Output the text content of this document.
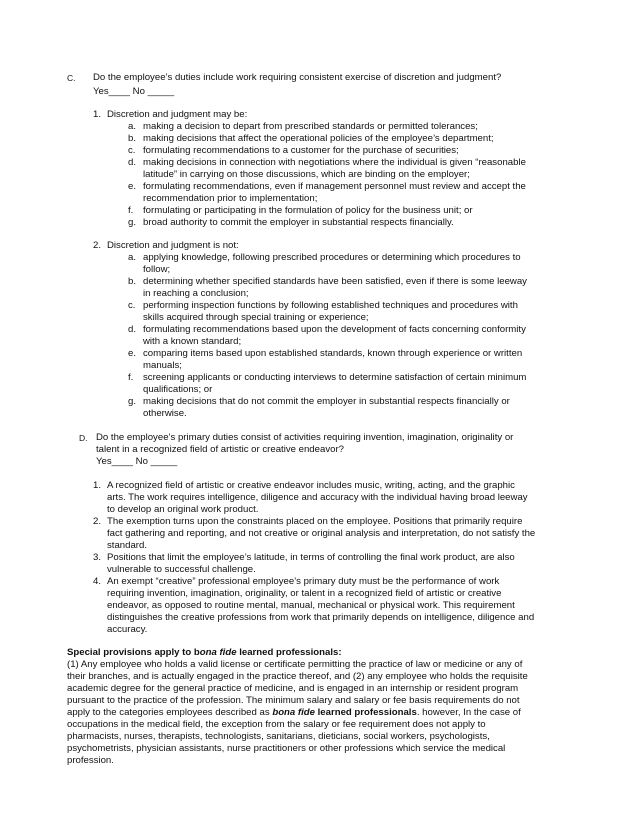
C. Do the employee’s duties include work requiring consistent exercise of discretion and judgment?
Yes____ No _____
1. Discretion and judgment may be:
a. making a decision to depart from prescribed standards or permitted tolerances;
b. making decisions that affect the operational policies of the employee’s department;
c. formulating recommendations to a customer for the purchase of securities;
d. making decisions in connection with negotiations where the individual is given “reasonable
latitude” in carrying on those discussions, which are binding on the employer;
e. formulating recommendations, even if management personnel must review and accept the
recommendation prior to implementation;
f. formulating or participating in the formulation of policy for the business unit; or
g. broad authority to commit the employer in substantial respects financially.
2. Discretion and judgment is not:
a. applying knowledge, following prescribed procedures or determining which procedures to
follow;
b. determining whether specified standards have been satisfied, even if there is some leeway
in reaching a conclusion;
c. performing inspection functions by following established techniques and procedures with
skills acquired through special training or experience;
d. formulating recommendations based upon the development of facts concerning conformity
with a known standard;
e. comparing items based upon established standards, known through experience or written
manuals;
f. screening applicants or conducting interviews to determine satisfaction of certain minimum
qualifications; or
g. making decisions that do not commit the employer in substantial respects financially or
otherwise.
D. Do the employee’s primary duties consist of activities requiring invention, imagination, originality or
talent in a recognized field of artistic or creative endeavor?
Yes____ No _____
1. A recognized field of artistic or creative endeavor includes music, writing, acting, and the graphic
arts. The work requires intelligence, diligence and accuracy with the individual having broad leeway
to develop an original work product.
2. The exemption turns upon the constraints placed on the employee. Positions that primarily require
fact gathering and reporting, and not creative or original analysis and interpretation, do not satisfy the
standard.
3. Positions that limit the employee’s latitude, in terms of controlling the final work product, are also
vulnerable to successful challenge.
4. An exempt “creative” professional employee’s primary duty must be the performance of work
requiring invention, imagination, originality, or talent in a recognized field of artistic or creative
endeavor, as opposed to routine mental, manual, mechanical or physical work. This requirement
distinguishes the creative professions from work that primarily depends on intelligence, diligence and
accuracy.
Special provisions apply to bona fide learned professionals:
(1) Any employee who holds a valid license or certificate permitting the practice of law or medicine or any of
their branches, and is actually engaged in the practice thereof, and (2) any employee who holds the requisite
academic degree for the general practice of medicine, and is engaged in an internship or resident program
pursuant to the practice of the profession. The minimum salary and salary or fee basis requirements do not
apply to the categories employees described as bona fide learned professionals. however, In the case of
occupations in the medical field, the exception from the salary or fee requirement does not apply to
pharmacists, nurses, therapists, technologists, sanitarians, dieticians, social workers, psychologists,
psychometrists, physician assistants, nurse practitioners or other professions which service the medical
profession.
